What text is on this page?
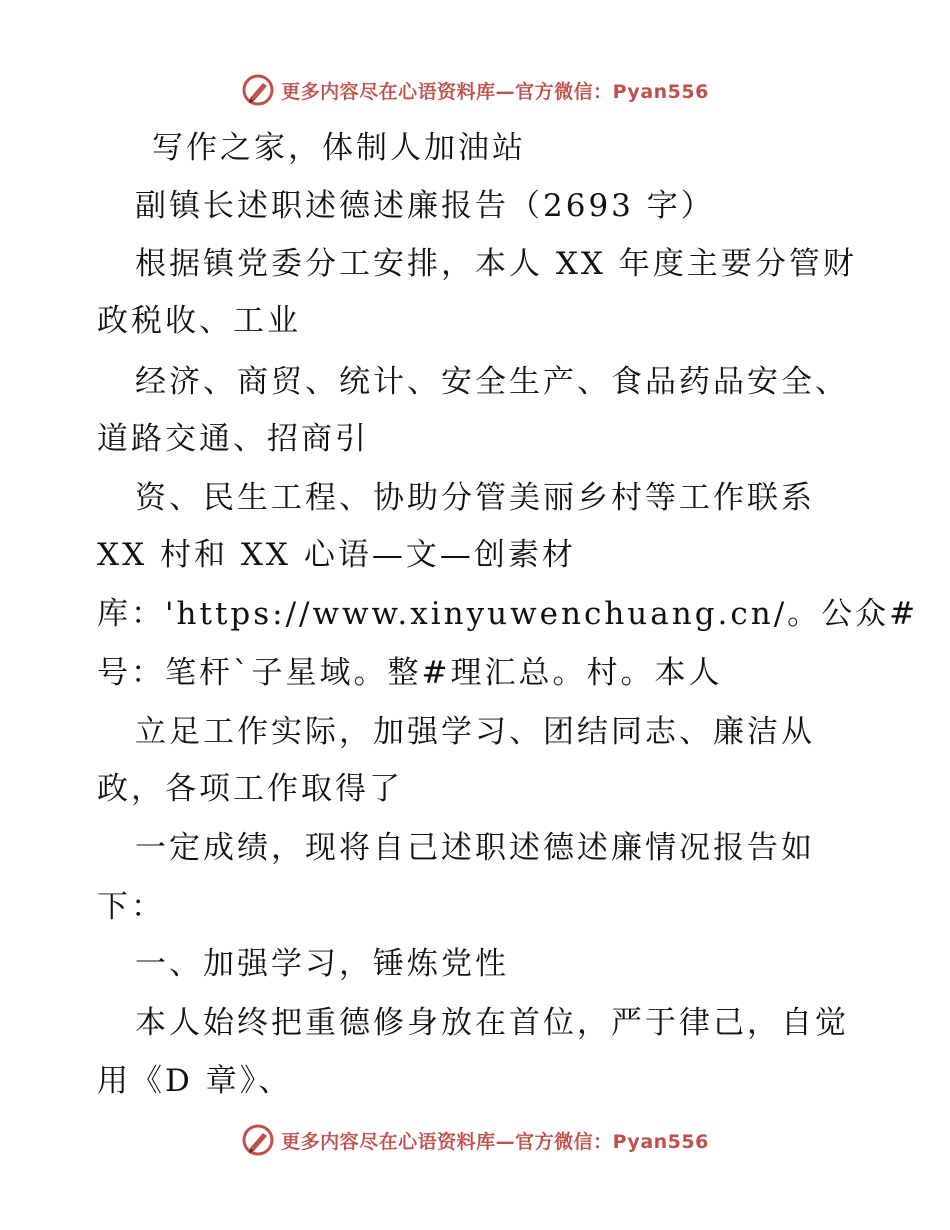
更多内容尽在心语资料库—官方微信：Pyan556
写作之家，体制人加油站
副镇长述职述德述廉报告（2693 字）
根据镇党委分工安排，本人 XX 年度主要分管财
政税收、工业
经济、商贸、统计、安全生产、食品药品安全、
道路交通、招商引
资、民生工程、协助分管美丽乡村等工作联系
XX 村和 XX 心语—文—创素材
库：'https://www.xinyuwenchuang.cn/。公众#
号：笔杆`子星域。整#理汇总。村。本人
立足工作实际，加强学习、团结同志、廉洁从
政，各项工作取得了
一定成绩，现将自己述职述德述廉情况报告如
下：
一、加强学习，锤炼党性
本人始终把重德修身放在首位，严于律己，自觉
用《D 章》、
更多内容尽在心语资料库—官方微信：Pyan556
